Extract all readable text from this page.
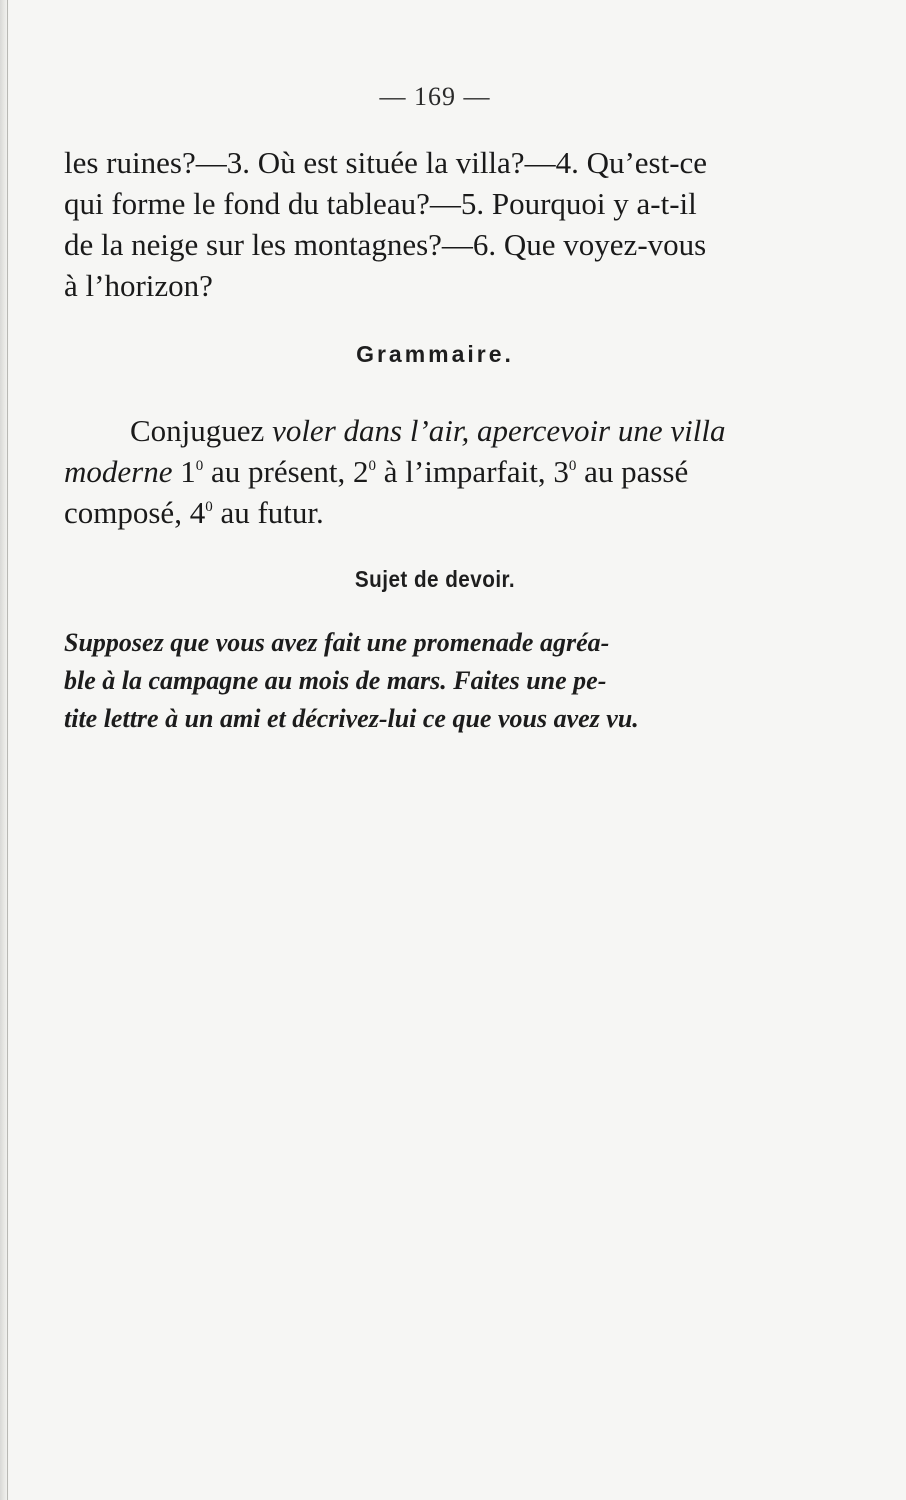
— 169 —
les ruines?—3. Où est située la villa?—4. Qu’est-ce
qui forme le fond du tableau?—5. Pourquoi y a-t-il
de la neige sur les montagnes?—6. Que voyez-vous
à l’horizon?
Grammaire.
Conjuguez voler dans l’air, apercevoir une villa
moderne $1^0$ au présent, $2^0$ à l’imparfait, $3^0$ au passé
composé, $4^0$ au futur.
Sujet de devoir.
Supposez que vous avez fait une promenade agréa-
ble à la campagne au mois de mars. Faites une pe-
tite lettre à un ami et décrivez-lui ce que vous avez vu.
